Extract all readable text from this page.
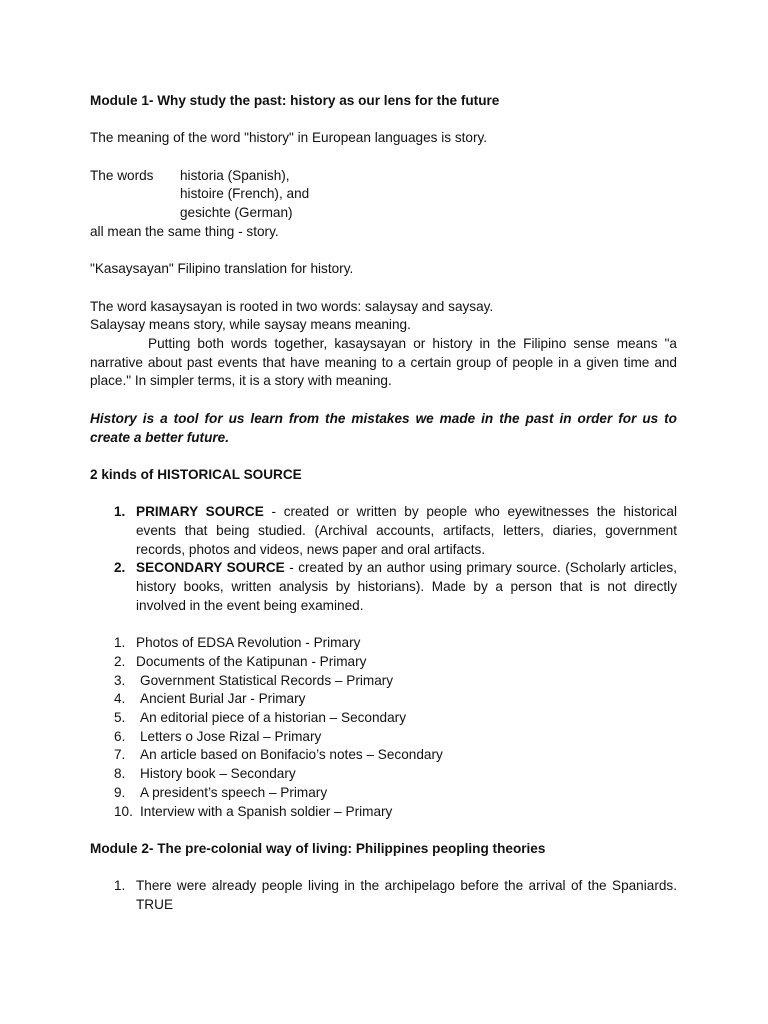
Module 1- Why study the past: history as our lens for the future

The meaning of the word "history" in European languages is story.

The words	historia (Spanish),
histoire (French), and
gesichte (German)

all mean the same thing - story.

"Kasaysayan" Filipino translation for history.

The word kasaysayan is rooted in two words: salaysay and saysay.

Salaysay means story, while saysay means meaning.

Putting both words together, kasaysayan or history in the Filipino sense means "a narrative about past events that have meaning to a certain group of people in a given time and place." In simpler terms, it is a story with meaning.

History is a tool for us learn from the mistakes we made in the past in order for us to create a better future.

2 kinds of HISTORICAL SOURCE

1. PRIMARY SOURCE - created or written by people who eyewitnesses the historical events that being studied. (Archival accounts, artifacts, letters, diaries, government records, photos and videos, news paper and oral artifacts.
2. SECONDARY SOURCE - created by an author using primary source. (Scholarly articles, history books, written analysis by historians). Made by a person that is not directly involved in the event being examined.
1. Photos of EDSA Revolution - Primary
2. Documents of the Katipunan - Primary
3. Government Statistical Records – Primary
4. Ancient Burial Jar - Primary
5. An editorial piece of a historian – Secondary
6. Letters o Jose Rizal – Primary
7. An article based on Bonifacio’s notes – Secondary
8. History book – Secondary
9. A president’s speech – Primary
10. Interview with a Spanish soldier – Primary

Module 2- The pre-colonial way of living: Philippines peopling theories

1. There were already people living in the archipelago before the arrival of the Spaniards. TRUE
